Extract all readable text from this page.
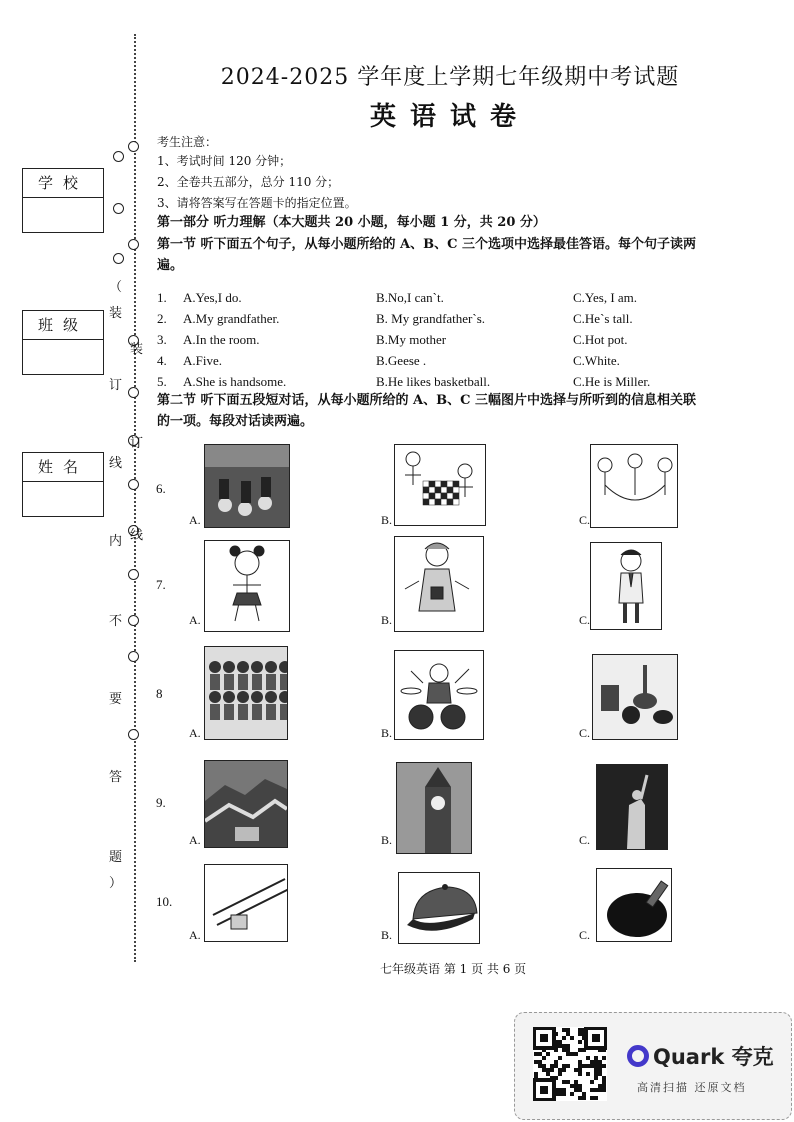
（
装
订
线
内
不
要
答
题
）
装
订
线
学校
班级
姓名
2024-2025 学年度上学期七年级期中考试题
英语试卷
考生注意：
1、考试时间 120 分钟；
2、全卷共五部分，总分 110 分；
3、请将答案写在答题卡的指定位置。
第一部分 听力理解（本大题共 20 小题，每小题 1 分，共 20 分）
第一节 听下面五个句子，从每小题所给的 A、B、C 三个选项中选择最佳答语。每个句子读两
遍。
1. A.Yes,I do.	B.No,I can`t.	C.Yes, I am.
2. A.My grandfather.	B. My grandfather`s.	C.He`s tall.
3. A.In the room.	B.My mother	C.Hot pot.
4. A.Five.	B.Geese .	C.White.
5. A.She is handsome.	B.He likes basketball.	C.He is Miller.
第二节 听下面五段短对话，从每小题所给的 A、B、C 三幅图片中选择与所听到的信息相关联
的一项。每段对话读两遍。
6.
A.	B.	C.
7.
A.	B.	C.
8
A.	B.	C.
9.
A.	B.	C.
10.
A.	B.	C.
七年级英语 第 1 页 共 6 页
Quark 夸克
高清扫描 还原文档
